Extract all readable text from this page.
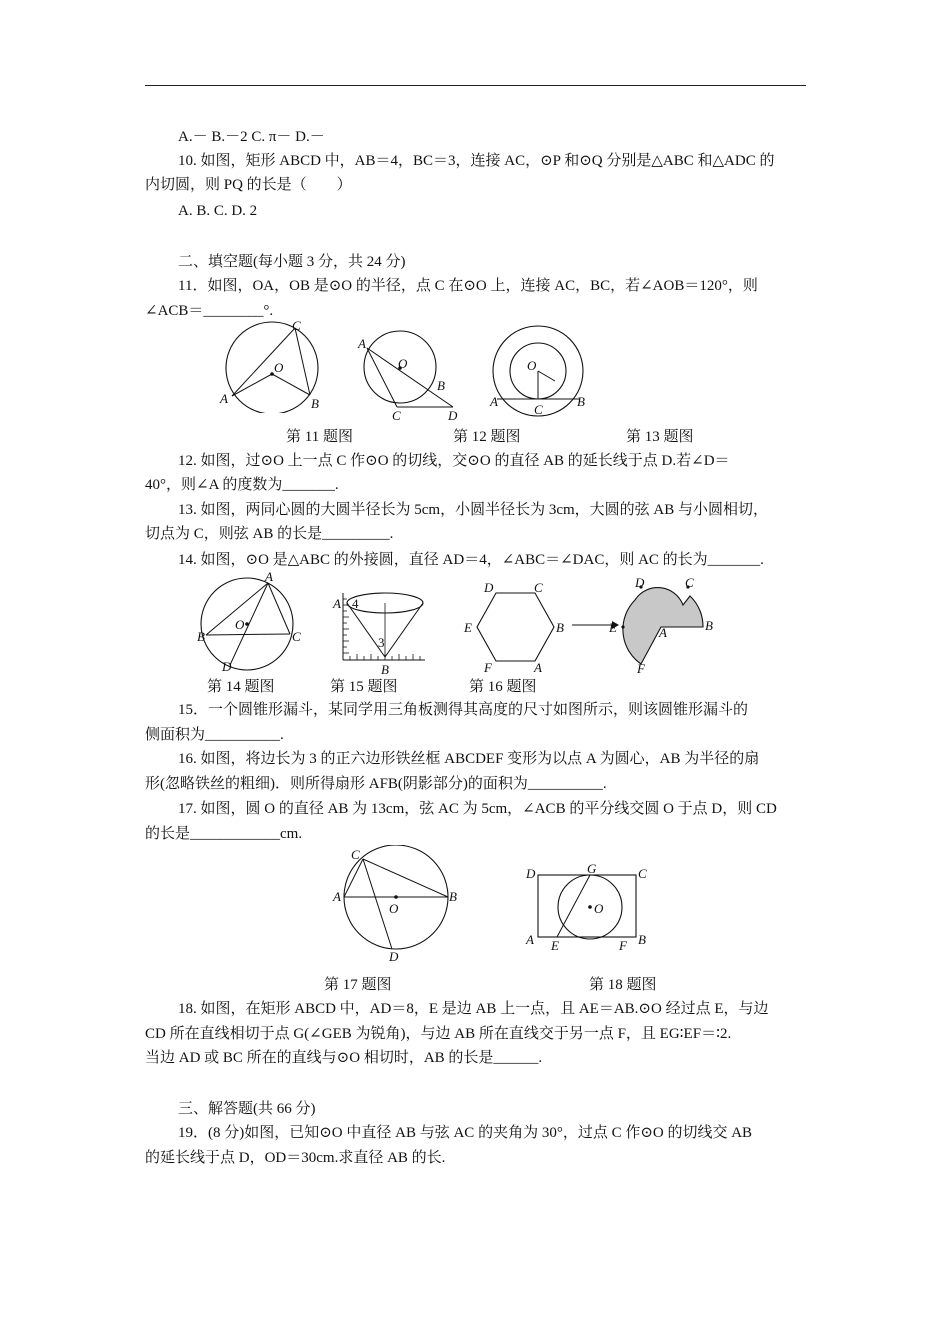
A.－ B.－2 C. π－ D.－
10. 如图，矩形 ABCD 中，AB＝4，BC＝3，连接 AC，⊙P 和⊙Q 分别是△ABC 和△ADC 的
内切圆，则 PQ 的长是（　　）
A. B. C. D. 2
二、填空题(每小题 3 分，共 24 分)
11．如图，OA，OB 是⊙O 的半径，点 C 在⊙O 上，连接 AC，BC，若∠AOB＝120°，则
∠ACB＝________°.
A	B
C
O
A
O
B
C	D
O
A
C
B
第 11 题图	第 12 题图	第 13 题图
12. 如图，过⊙O 上一点 C 作⊙O 的切线，交⊙O 的直径 AB 的延长线于点 D.若∠D＝
40°，则∠A 的度数为_______.
13. 如图，两同心圆的大圆半径长为 5cm，小圆半径长为 3cm，大圆的弦 AB 与小圆相切，
切点为 C，则弦 AB 的长是_________.
14. 如图，⊙O 是△ABC 的外接圆，直径 AD＝4，∠ABC＝∠DAC，则 AC 的长为_______.
A
O
B	C
D
A 4
3
B
D	C
E	B
F	A
D	C
E	A	B
F
第 14 题图	第 15 题图	第 16 题图
15．一个圆锥形漏斗，某同学用三角板测得其高度的尺寸如图所示，则该圆锥形漏斗的
侧面积为__________.
16. 如图，将边长为 3 的正六边形铁丝框 ABCDEF 变形为以点 A 为圆心，AB 为半径的扇
形(忽略铁丝的粗细)．则所得扇形 AFB(阴影部分)的面积为__________.
17. 如图，圆 O 的直径 AB 为 13cm，弦 AC 为 5cm，∠ACB 的平分线交圆 O 于点 D，则 CD
的长是____________cm.
C
A	B
O
D
D	G	C
O
A E	F B
第 17 题图	第 18 题图
18. 如图，在矩形 ABCD 中，AD＝8，E 是边 AB 上一点，且 AE＝AB.⊙O 经过点 E，与边
CD 所在直线相切于点 G(∠GEB 为锐角)，与边 AB 所在直线交于另一点 F，且 EG∶EF＝∶2.
当边 AD 或 BC 所在的直线与⊙O 相切时，AB 的长是______.
三、解答题(共 66 分)
19．(8 分)如图，已知⊙O 中直径 AB 与弦 AC 的夹角为 30°，过点 C 作⊙O 的切线交 AB
的延长线于点 D，OD＝30cm.求直径 AB 的长.
